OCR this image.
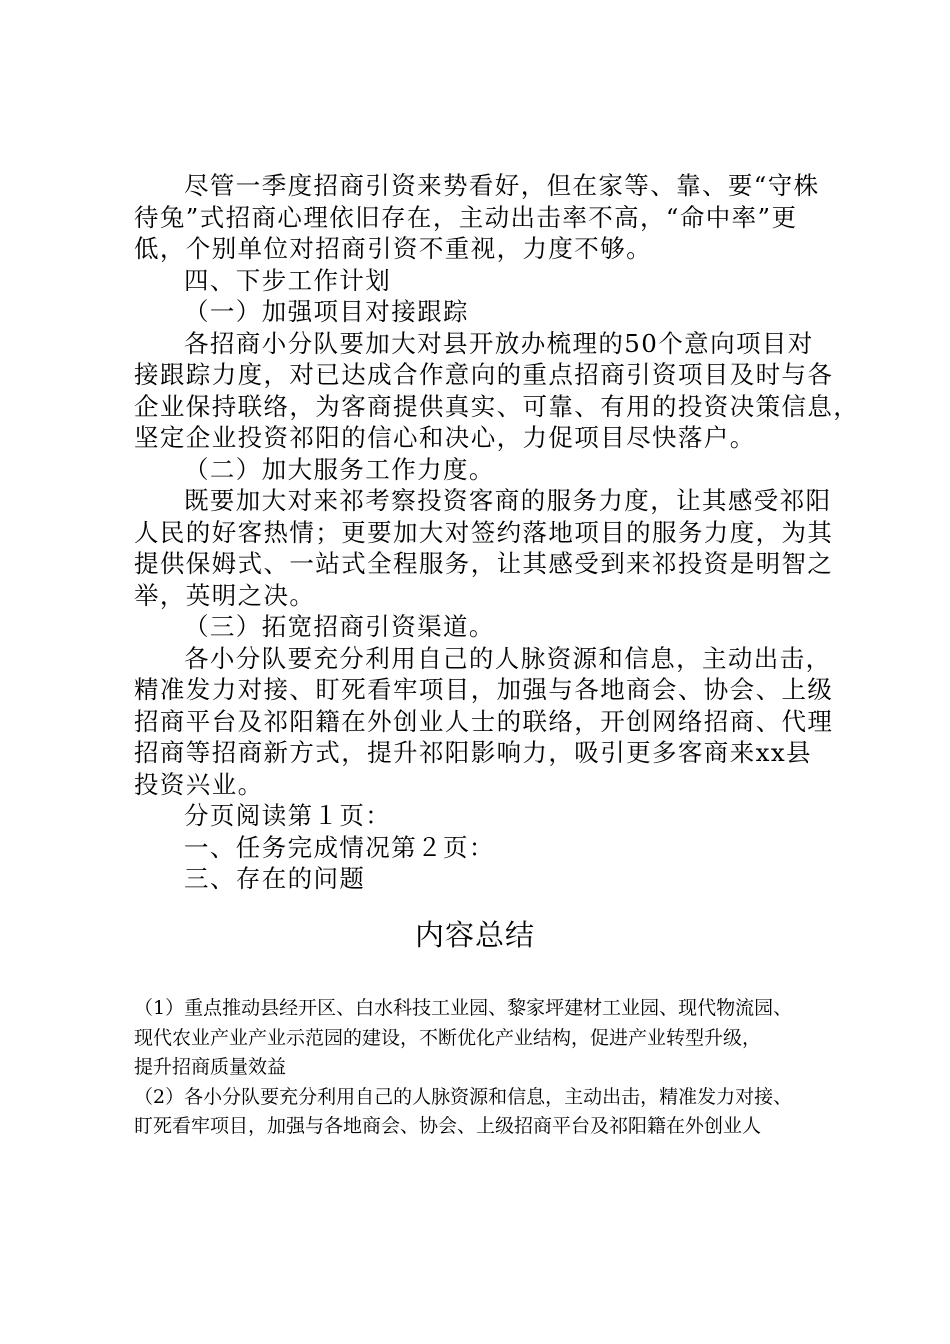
尽管一季度招商引资来势看好，但在家等、靠、要“守株
待兔”式招商心理依旧存在，主动出击率不高，“命中率”更
低，个别单位对招商引资不重视，力度不够。
四、下步工作计划
（一）加强项目对接跟踪
各招商小分队要加大对县开放办梳理的50个意向项目对
接跟踪力度，对已达成合作意向的重点招商引资项目及时与各
企业保持联络，为客商提供真实、可靠、有用的投资决策信息，
坚定企业投资祁阳的信心和决心，力促项目尽快落户。
（二）加大服务工作力度。
既要加大对来祁考察投资客商的服务力度，让其感受祁阳
人民的好客热情；更要加大对签约落地项目的服务力度，为其
提供保姆式、一站式全程服务，让其感受到来祁投资是明智之
举，英明之决。
（三）拓宽招商引资渠道。
各小分队要充分利用自己的人脉资源和信息，主动出击，
精准发力对接、盯死看牢项目，加强与各地商会、协会、上级
招商平台及祁阳籍在外创业人士的联络，开创网络招商、代理
招商等招商新方式，提升祁阳影响力，吸引更多客商来xx县
投资兴业。
分页阅读第１页：
一、任务完成情况第２页：
三、存在的问题
内容总结
（1）重点推动县经开区、白水科技工业园、黎家坪建材工业园、现代物流园、
现代农业产业产业示范园的建设，不断优化产业结构，促进产业转型升级，
提升招商质量效益
（2）各小分队要充分利用自己的人脉资源和信息，主动出击，精准发力对接、
盯死看牢项目，加强与各地商会、协会、上级招商平台及祁阳籍在外创业人
